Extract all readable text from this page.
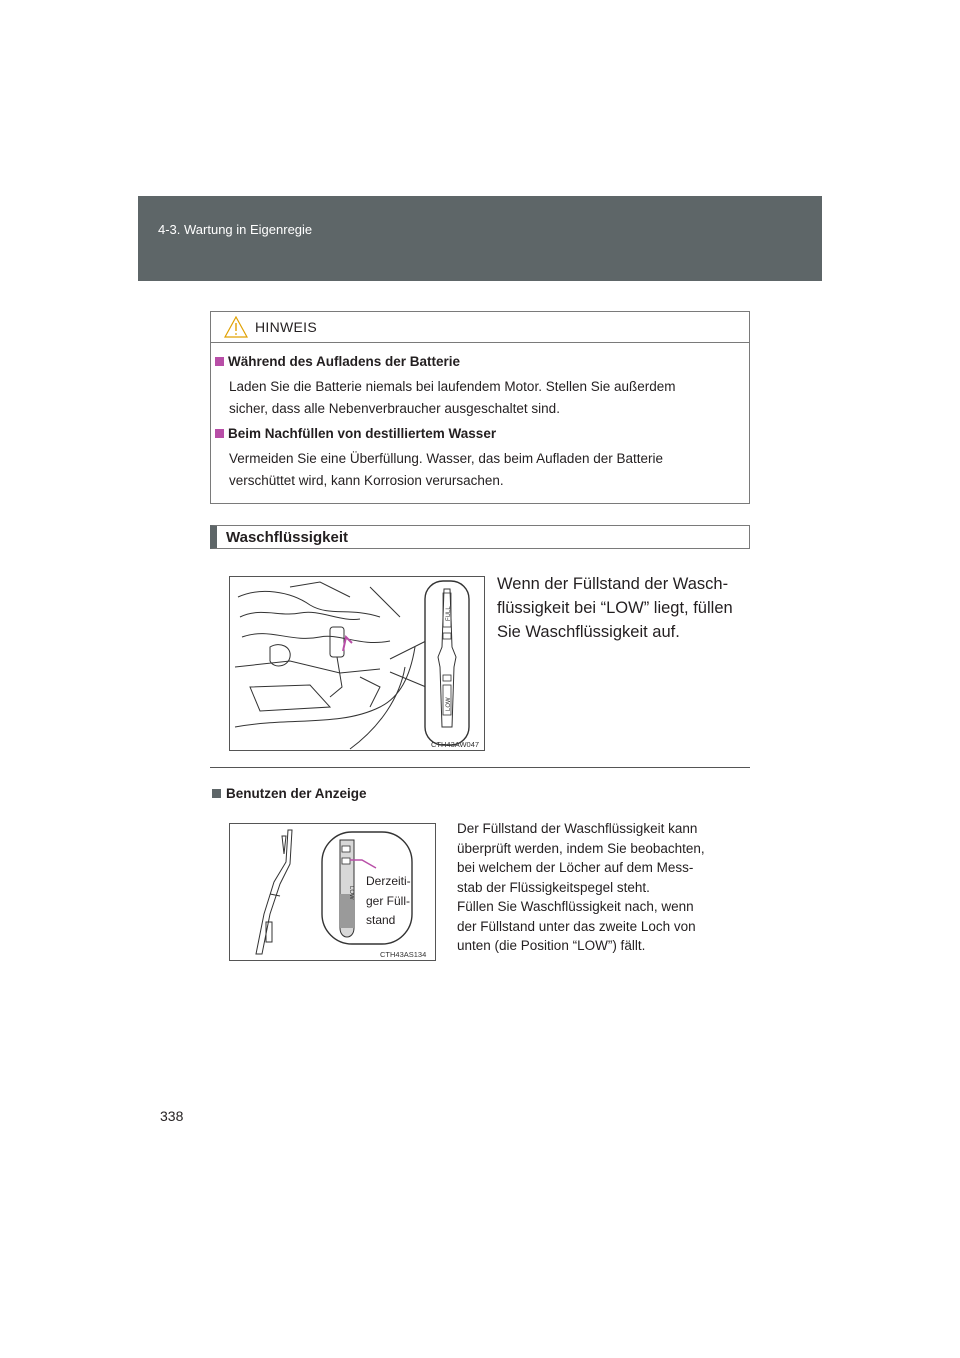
4-3. Wartung in Eigenregie
HINWEIS
Während des Aufladens der Batterie
Laden Sie die Batterie niemals bei laufendem Motor. Stellen Sie außerdem
sicher, dass alle Nebenverbraucher ausgeschaltet sind.
Beim Nachfüllen von destilliertem Wasser
Vermeiden Sie eine Überfüllung. Wasser, das beim Aufladen der Batterie
verschüttet wird, kann Korrosion verursachen.
Waschflüssigkeit
FULL
LOW
CTH43AW047
Wenn der Füllstand der Wasch-
flüssigkeit bei “LOW” liegt, füllen
Sie Waschflüssigkeit auf.
Benutzen der Anzeige
LOW
Derzeiti-
ger Füll-
stand
CTH43AS134
Der Füllstand der Waschflüssigkeit kann
überprüft werden, indem Sie beobachten,
bei welchem der Löcher auf dem Mess-
stab der Flüssigkeitspegel steht.
Füllen Sie Waschflüssigkeit nach, wenn
der Füllstand unter das zweite Loch von
unten (die Position “LOW”) fällt.
338
